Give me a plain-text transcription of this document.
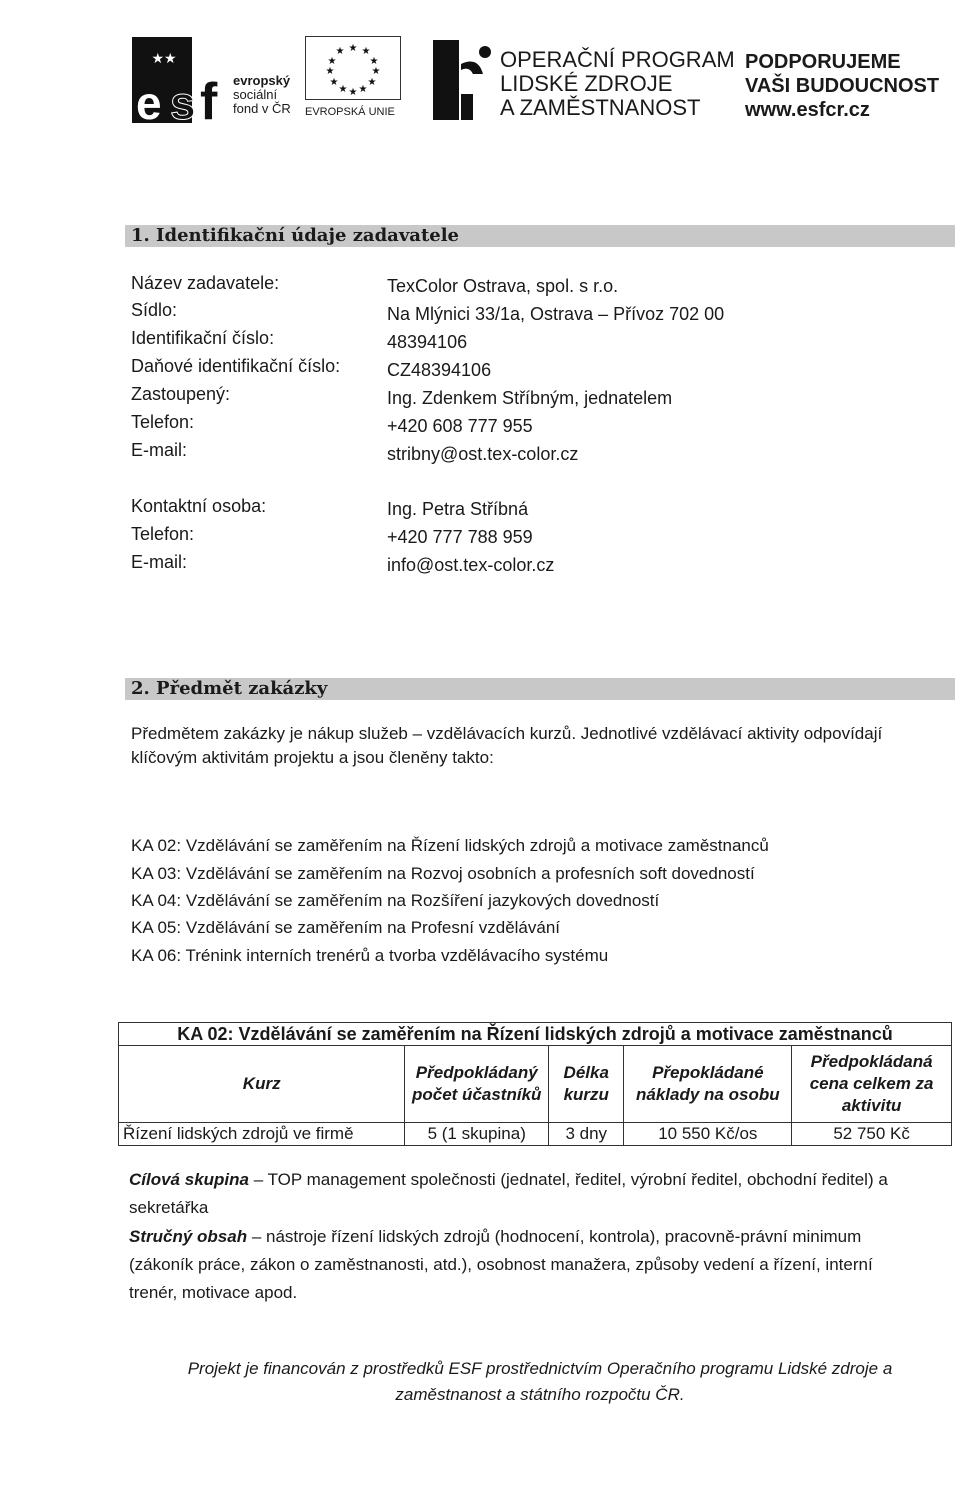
★★
e s f evropský
sociální
fond v ČR
★ ★
★
★
★
★
★
★
★
★
★
★
EVROPSKÁ UNIE
OPERAČNÍ PROGRAM
LIDSKÉ ZDROJE
A ZAMĚSTNANOST
PODPORUJEME
VAŠI BUDOUCNOST
www.esfcr.cz
1. Identifikační údaje zadavatele
Název zadavatele:	TexColor Ostrava, spol. s r.o.
Sídlo:	Na Mlýnici 33/1a, Ostrava – Přívoz 702 00
Identifikační číslo:	48394106
Daňové identifikační číslo:	CZ48394106
Zastoupený:	Ing. Zdenkem Stříbným, jednatelem
Telefon:	+420 608 777 955
E-mail:	stribny@ost.tex-color.cz
Kontaktní osoba:	Ing. Petra Stříbná
Telefon:	+420 777 788 959
E-mail:	info@ost.tex-color.cz
2. Předmět zakázky
Předmětem zakázky je nákup služeb – vzdělávacích kurzů. Jednotlivé vzdělávací aktivity odpovídají
klíčovým aktivitám projektu a jsou členěny takto:
KA 02: Vzdělávání se zaměřením na Řízení lidských zdrojů a motivace zaměstnanců
KA 03: Vzdělávání se zaměřením na Rozvoj osobních a profesních soft dovedností
KA 04: Vzdělávání se zaměřením na Rozšíření jazykových dovedností
KA 05: Vzdělávání se zaměřením na Profesní vzdělávání
KA 06: Trénink interních trenérů a tvorba vzdělávacího systému
KA 02: Vzdělávání se zaměřením na Řízení lidských zdrojů a motivace zaměstnanců				
Kurz	Předpokládaný počet účastníků	Délka kurzu	Přepokládané náklady na osobu	Předpokládaná cena celkem za aktivitu
Řízení lidských zdrojů ve firmě	5 (1 skupina)	3 dny	10 550 Kč/os	52 750 Kč
Cílová skupina – TOP management společnosti (jednatel, ředitel, výrobní ředitel, obchodní ředitel) a
sekretářka
Stručný obsah – nástroje řízení lidských zdrojů (hodnocení, kontrola), pracovně-právní minimum
(zákoník práce, zákon o zaměstnanosti, atd.), osobnost manažera, způsoby vedení a řízení, interní
trenér, motivace apod.
Projekt je financován z prostředků ESF prostřednictvím Operačního programu Lidské zdroje a
zaměstnanost a státního rozpočtu ČR.
